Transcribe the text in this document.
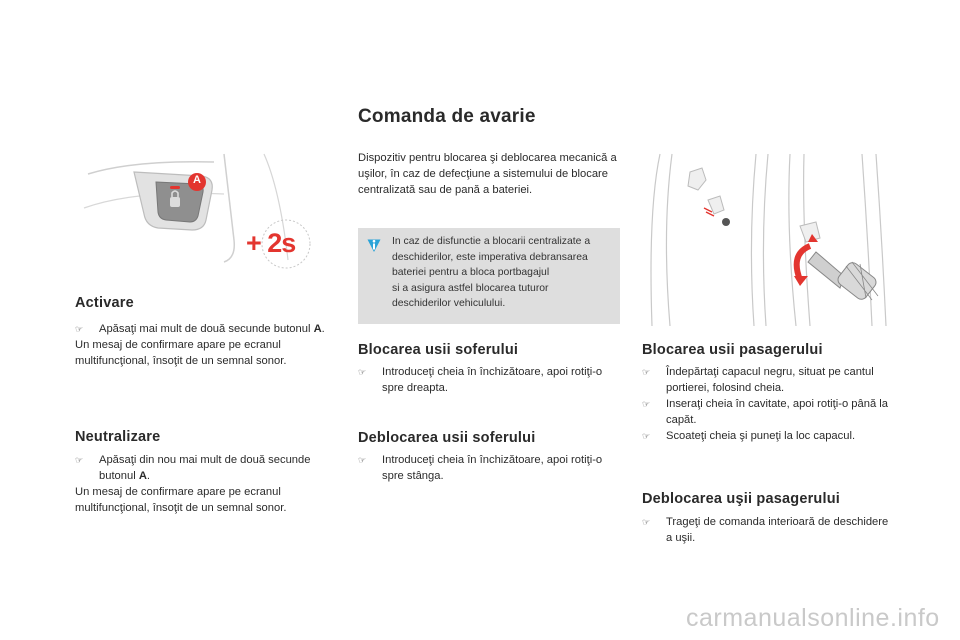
A
+ 2s
Activare
☞ Apăsaţi mai mult de două secunde butonul A.

Un mesaj de confirmare apare pe ecranul multifuncţional, însoţit de un semnal sonor.

Neutralizare
☞ Apăsaţi din nou mai mult de două secunde butonul A.

Un mesaj de confirmare apare pe ecranul multifuncţional, însoţit de un semnal sonor.

Comanda de avarie

Dispozitiv pentru blocarea şi deblocarea mecanică a uşilor, în caz de defecţiune a sistemului de blocare centralizată sau de pană a bateriei.

In caz de disfunctie a blocarii centralizate a

deschiderilor, este imperativa debransarea

bateriei pentru a bloca portbagajul

si a asigura astfel blocarea tuturor

deschiderilor vehiculului.

Blocarea usii soferului
☞ Introduceţi cheia în închizătoare, apoi rotiţi-o spre dreapta.
Deblocarea usii soferului
☞ Introduceţi cheia în închizătoare, apoi rotiţi-o spre stânga.
Blocarea usii pasagerului
☞ Îndepărtaţi capacul negru, situat pe cantul portierei, folosind cheia.
☞ Inseraţi cheia în cavitate, apoi rotiţi-o până la capăt.
☞ Scoateţi cheia şi puneţi la loc capacul.
Deblocarea uşii pasagerului
☞ Trageţi de comanda interioară de deschidere a uşii.
carmanualsonline.info
